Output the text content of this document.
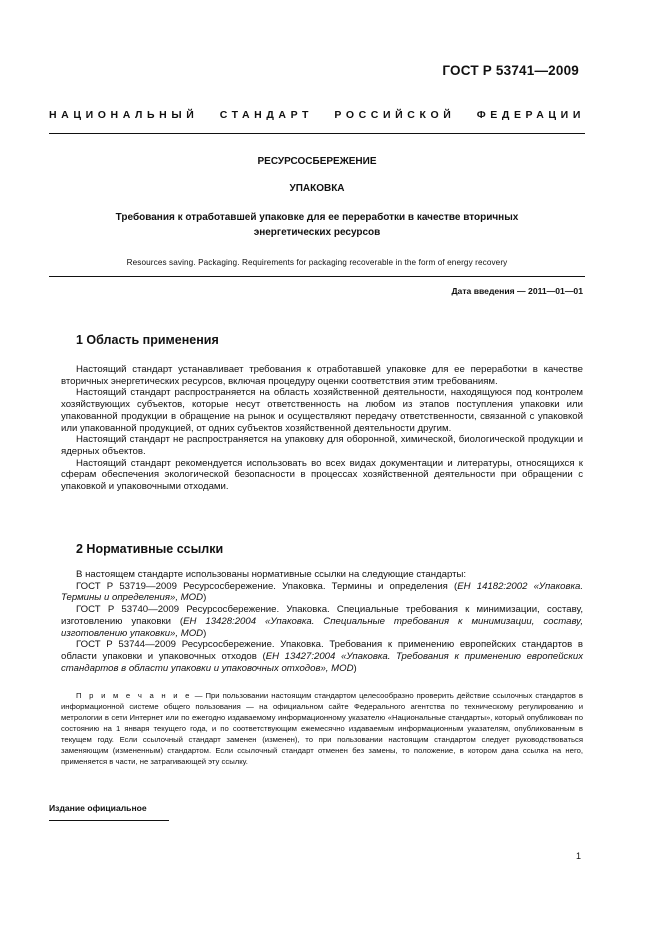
ГОСТ Р 53741—2009
НАЦИОНАЛЬНЫЙ СТАНДАРТ РОССИЙСКОЙ ФЕДЕРАЦИИ
РЕСУРСОСБЕРЕЖЕНИЕ
УПАКОВКА
Требования к отработавшей упаковке для ее переработки в качестве вторичных энергетических ресурсов
Resources saving. Packaging. Requirements for packaging recoverable in the form of energy recovery
Дата введения — 2011—01—01
1 Область применения

Настоящий стандарт устанавливает требования к отработавшей упаковке для ее переработки в качестве вторичных энергетических ресурсов, включая процедуру оценки соответствия этим требованиям.

Настоящий стандарт распространяется на область хозяйственной деятельности, находящуюся под контролем хозяйствующих субъектов, которые несут ответственность на любом из этапов поступления упаковки или упакованной продукции в обращение на рынок и осуществляют передачу ответственности, связанной с упаковкой или упакованной продукцией, от одних субъектов хозяйственной деятельности другим.

Настоящий стандарт не распространяется на упаковку для оборонной, химической, биологической продукции и ядерных объектов.

Настоящий стандарт рекомендуется использовать во всех видах документации и литературы, относящихся к сферам обеспечения экологической безопасности в процессах хозяйственной деятельности при обращении с упаковкой и упаковочными отходами.

2 Нормативные ссылки

В настоящем стандарте использованы нормативные ссылки на следующие стандарты:

ГОСТ Р 53719—2009 Ресурсосбережение. Упаковка. Термины и определения (ЕН 14182:2002 «Упаковка. Термины и определения», MOD)

ГОСТ Р 53740—2009 Ресурсосбережение. Упаковка. Специальные требования к минимизации, составу, изготовлению упаковки (ЕН 13428:2004 «Упаковка. Специальные требования к минимизации, составу, изготовлению упаковки», MOD)

ГОСТ Р 53744—2009 Ресурсосбережение. Упаковка. Требования к применению европейских стандартов в области упаковки и упаковочных отходов (ЕН 13427:2004 «Упаковка. Требования к применению европейских стандартов в области упаковки и упаковочных отходов», MOD)

П р и м е ч а н и е — При пользовании настоящим стандартом целесообразно проверить действие ссылочных стандартов в информационной системе общего пользования — на официальном сайте Федерального агентства по техническому регулированию и метрологии в сети Интернет или по ежегодно издаваемому информационному указателю «Национальные стандарты», который опубликован по состоянию на 1 января текущего года, и по соответствующим ежемесячно издаваемым информационным указателям, опубликованным в текущем году. Если ссылочный стандарт заменен (изменен), то при пользовании настоящим стандартом следует руководствоваться заменяющим (измененным) стандартом. Если ссылочный стандарт отменен без замены, то положение, в котором дана ссылка на него, применяется в части, не затрагивающей эту ссылку.
Издание официальное
1
